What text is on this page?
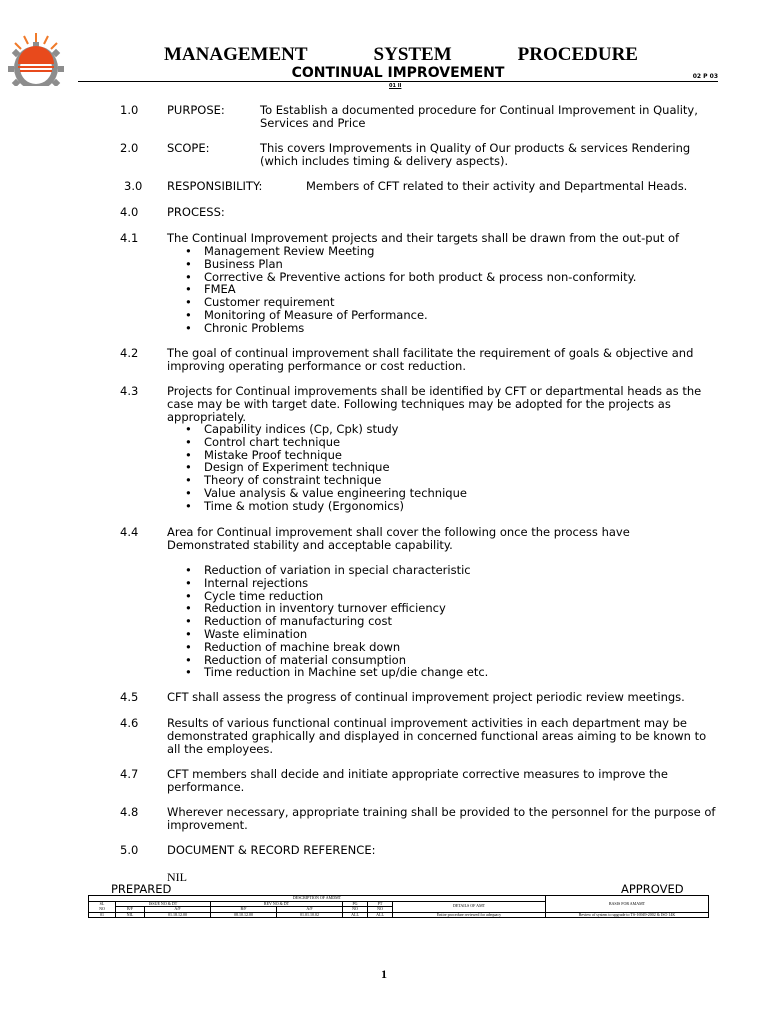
MANAGEMENT	SYSTEM	PROCEDURE
CONTINUAL IMPROVEMENT	02 P 03
01 II
1.0 PURPOSE:	To Establish a documented procedure for Continual Improvement in Quality, Services and Price
2.0 SCOPE:	This covers Improvements in Quality of Our products & services Rendering (which includes timing & delivery aspects).
3.0 RESPONSIBILITY:	Members of CFT related to their activity and Departmental Heads.
4.0 PROCESS:
4.1 The Continual Improvement projects and their targets shall be drawn from the out-put of
• Management Review Meeting
• Business Plan
• Corrective & Preventive actions for both product & process non-conformity.
• FMEA
• Customer requirement
• Monitoring of Measure of Performance.
• Chronic Problems
4.2 The goal of continual improvement shall facilitate the requirement of goals & objective and improving operating performance or cost reduction.
4.3 Projects for Continual improvements shall be identified by CFT or departmental heads as the case may be with target date. Following techniques may be adopted for the projects as appropriately.
• Capability indices (Cp, Cpk) study
• Control chart technique
• Mistake Proof technique
• Design of Experiment technique
• Theory of constraint technique
• Value analysis & value engineering technique
• Time & motion study (Ergonomics)
4.4 Area for Continual improvement shall cover the following once the process have Demonstrated stability and acceptable capability.
• Reduction of variation in special characteristic
• Internal rejections
• Cycle time reduction
• Reduction in inventory turnover efficiency
• Reduction of manufacturing cost
• Waste elimination
• Reduction of machine break down
• Reduction of material consumption
• Time reduction in Machine set up/die change etc.
4.5 CFT shall assess the progress of continual improvement project periodic review meetings.
4.6 Results of various functional continual improvement activities in each department may be demonstrated graphically and displayed in concerned functional areas aiming to be known to all the employees.
4.7 CFT members shall decide and initiate appropriate corrective measures to improve the performance.
4.8 Wherever necessary, appropriate training shall be provided to the personnel for the purpose of improvement.
5.0 DOCUMENT & RECORD REFERENCE:
NIL
PREPARED	APPROVED
DESCRIPTION OF AMDMT								BASIS FOR AMAMT
SL
NO	ISSUE NO & DT		REV NO & DT		PG	PT	DETAILS OF AMT	
	B/F	A/F	B/F	A/F	NO	NO		
01	NIL	01.18.12.00	08.10.12.00	01.01.10.02	ALL	ALL	Entire procedure reviewed for adequacy	Review of system to upgrade to TS-16949-2002 & ISO 14K
1
